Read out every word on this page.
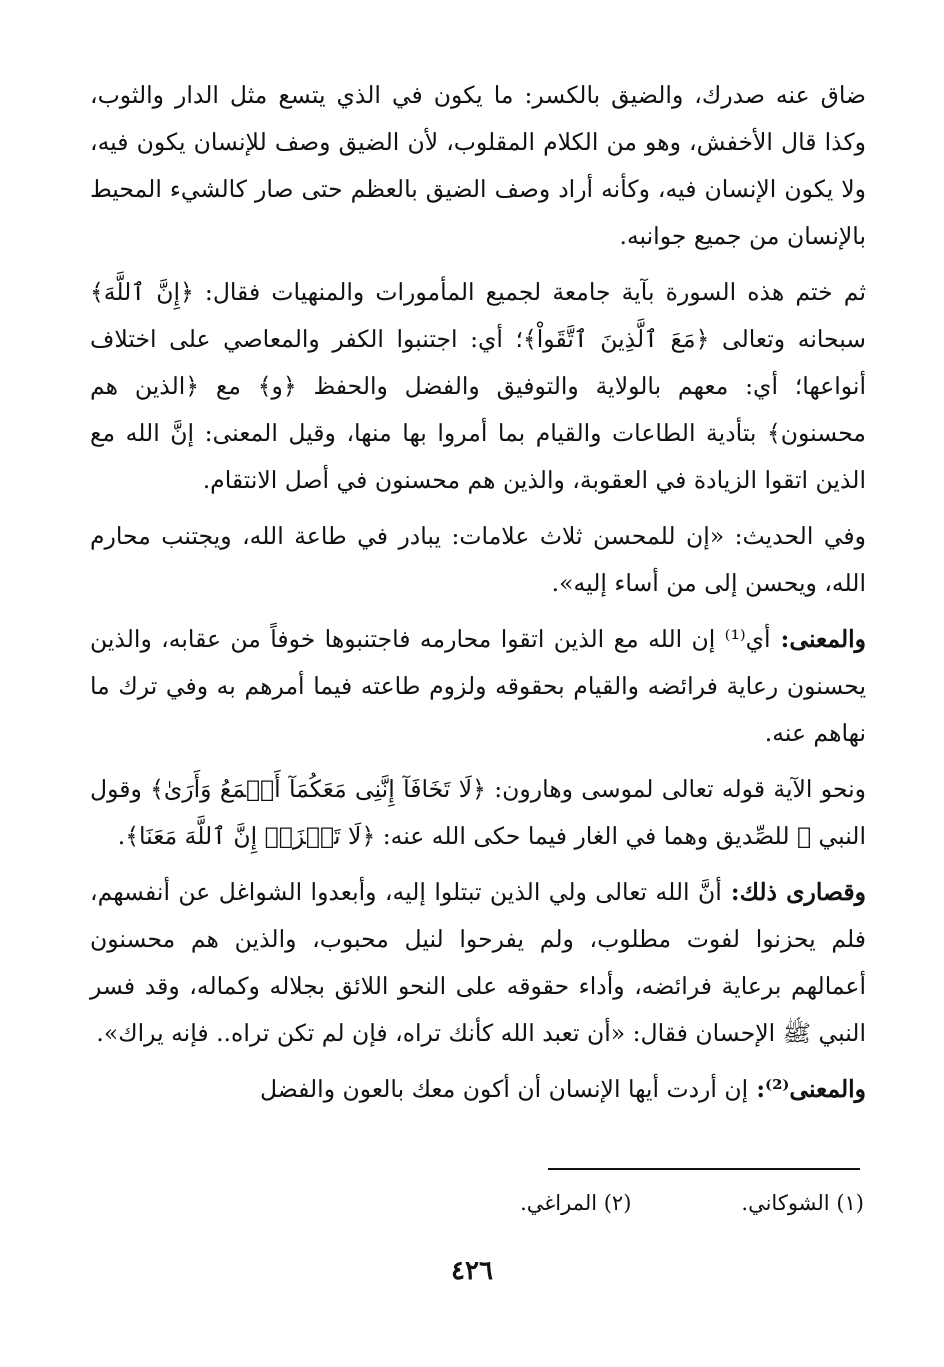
ضاق عنه صدرك، والضيق بالكسر: ما يكون في الذي يتسع مثل الدار والثوب، وكذا قال الأخفش، وهو من الكلام المقلوب، لأن الضيق وصف للإنسان يكون فيه، ولا يكون الإنسان فيه، وكأنه أراد وصف الضيق بالعظم حتى صار كالشيء المحيط بالإنسان من جميع جوانبه.

ثم ختم هذه السورة بآية جامعة لجميع المأمورات والمنهيات فقال: ﴿إِنَّ ٱللَّهَ﴾ سبحانه وتعالى ﴿مَعَ ٱلَّذِينَ ٱتَّقَواْ﴾؛ أي: اجتنبوا الكفر والمعاصي على اختلاف أنواعها؛ أي: معهم بالولاية والتوفيق والفضل والحفظ ﴿و﴾ مع ﴿الذين هم محسنون﴾ بتأدية الطاعات والقيام بما أمروا بها منها، وقيل المعنى: إنَّ الله مع الذين اتقوا الزيادة في العقوبة، والذين هم محسنون في أصل الانتقام.

وفي الحديث: «إن للمحسن ثلاث علامات: يبادر في طاعة الله، ويجتنب محارم الله، ويحسن إلى من أساء إليه».

والمعنى: أي⁽¹⁾ إن الله مع الذين اتقوا محارمه فاجتنبوها خوفاً من عقابه، والذين يحسنون رعاية فرائضه والقيام بحقوقه ولزوم طاعته فيما أمرهم به وفي ترك ما نهاهم عنه.

ونحو الآية قوله تعالى لموسى وهارون: ﴿لَا تَخَافَآ إِنَّنِى مَعَكُمَآ أَسۡمَعُ وَأَرَىٰ﴾ وقول النبي ﷺ للصِّديق وهما في الغار فيما حكى الله عنه: ﴿لَا تَحۡزَنۡ إِنَّ ٱللَّهَ مَعَنَا﴾.

وقصارى ذلك: أنَّ الله تعالى ولي الذين تبتلوا إليه، وأبعدوا الشواغل عن أنفسهم، فلم يحزنوا لفوت مطلوب، ولم يفرحوا لنيل محبوب، والذين هم محسنون أعمالهم برعاية فرائضه، وأداء حقوقه على النحو اللائق بجلاله وكماله، وقد فسر النبي ﷺ الإحسان فقال: «أن تعبد الله كأنك تراه، فإن لم تكن تراه.. فإنه يراك».

والمعنى⁽²⁾: إن أردت أيها الإنسان أن أكون معك بالعون والفضل

(١) الشوكاني.
(٢) المراغي.
٤٢٦
